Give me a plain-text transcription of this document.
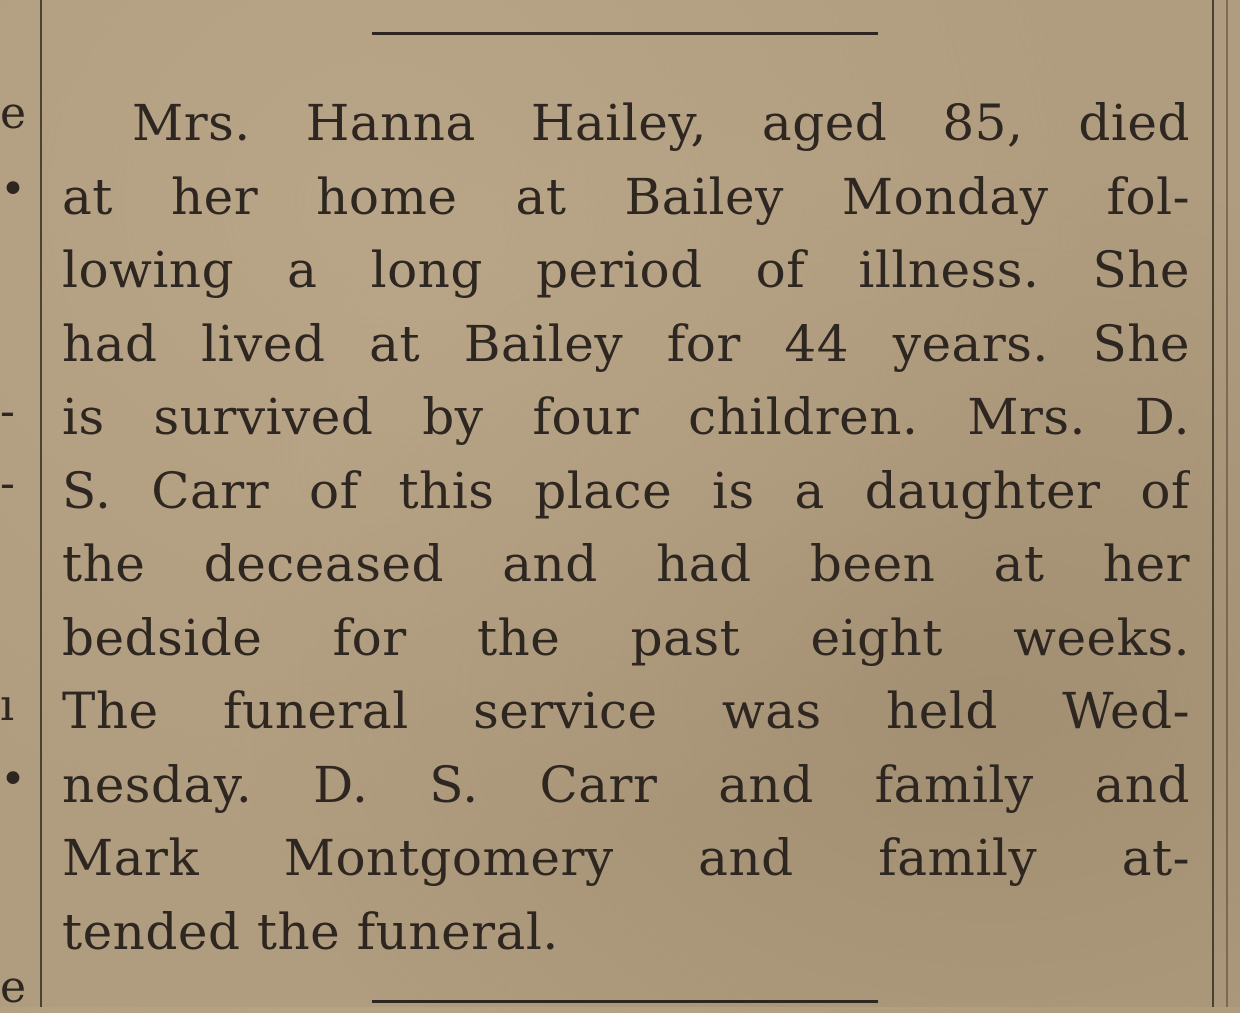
e
•
-
-
ı
•
e
Mrs. Hanna Hailey, aged 85, died
at her home at Bailey Monday fol-
lowing a long period of illness. She
had lived at Bailey for 44 years. She
is survived by four children. Mrs. D.
S. Carr of this place is a daughter of
the deceased and had been at her
bedside for the past eight weeks.
The funeral service was held Wed-
nesday. D. S. Carr and family and
Mark Montgomery and family at-
tended the funeral.
